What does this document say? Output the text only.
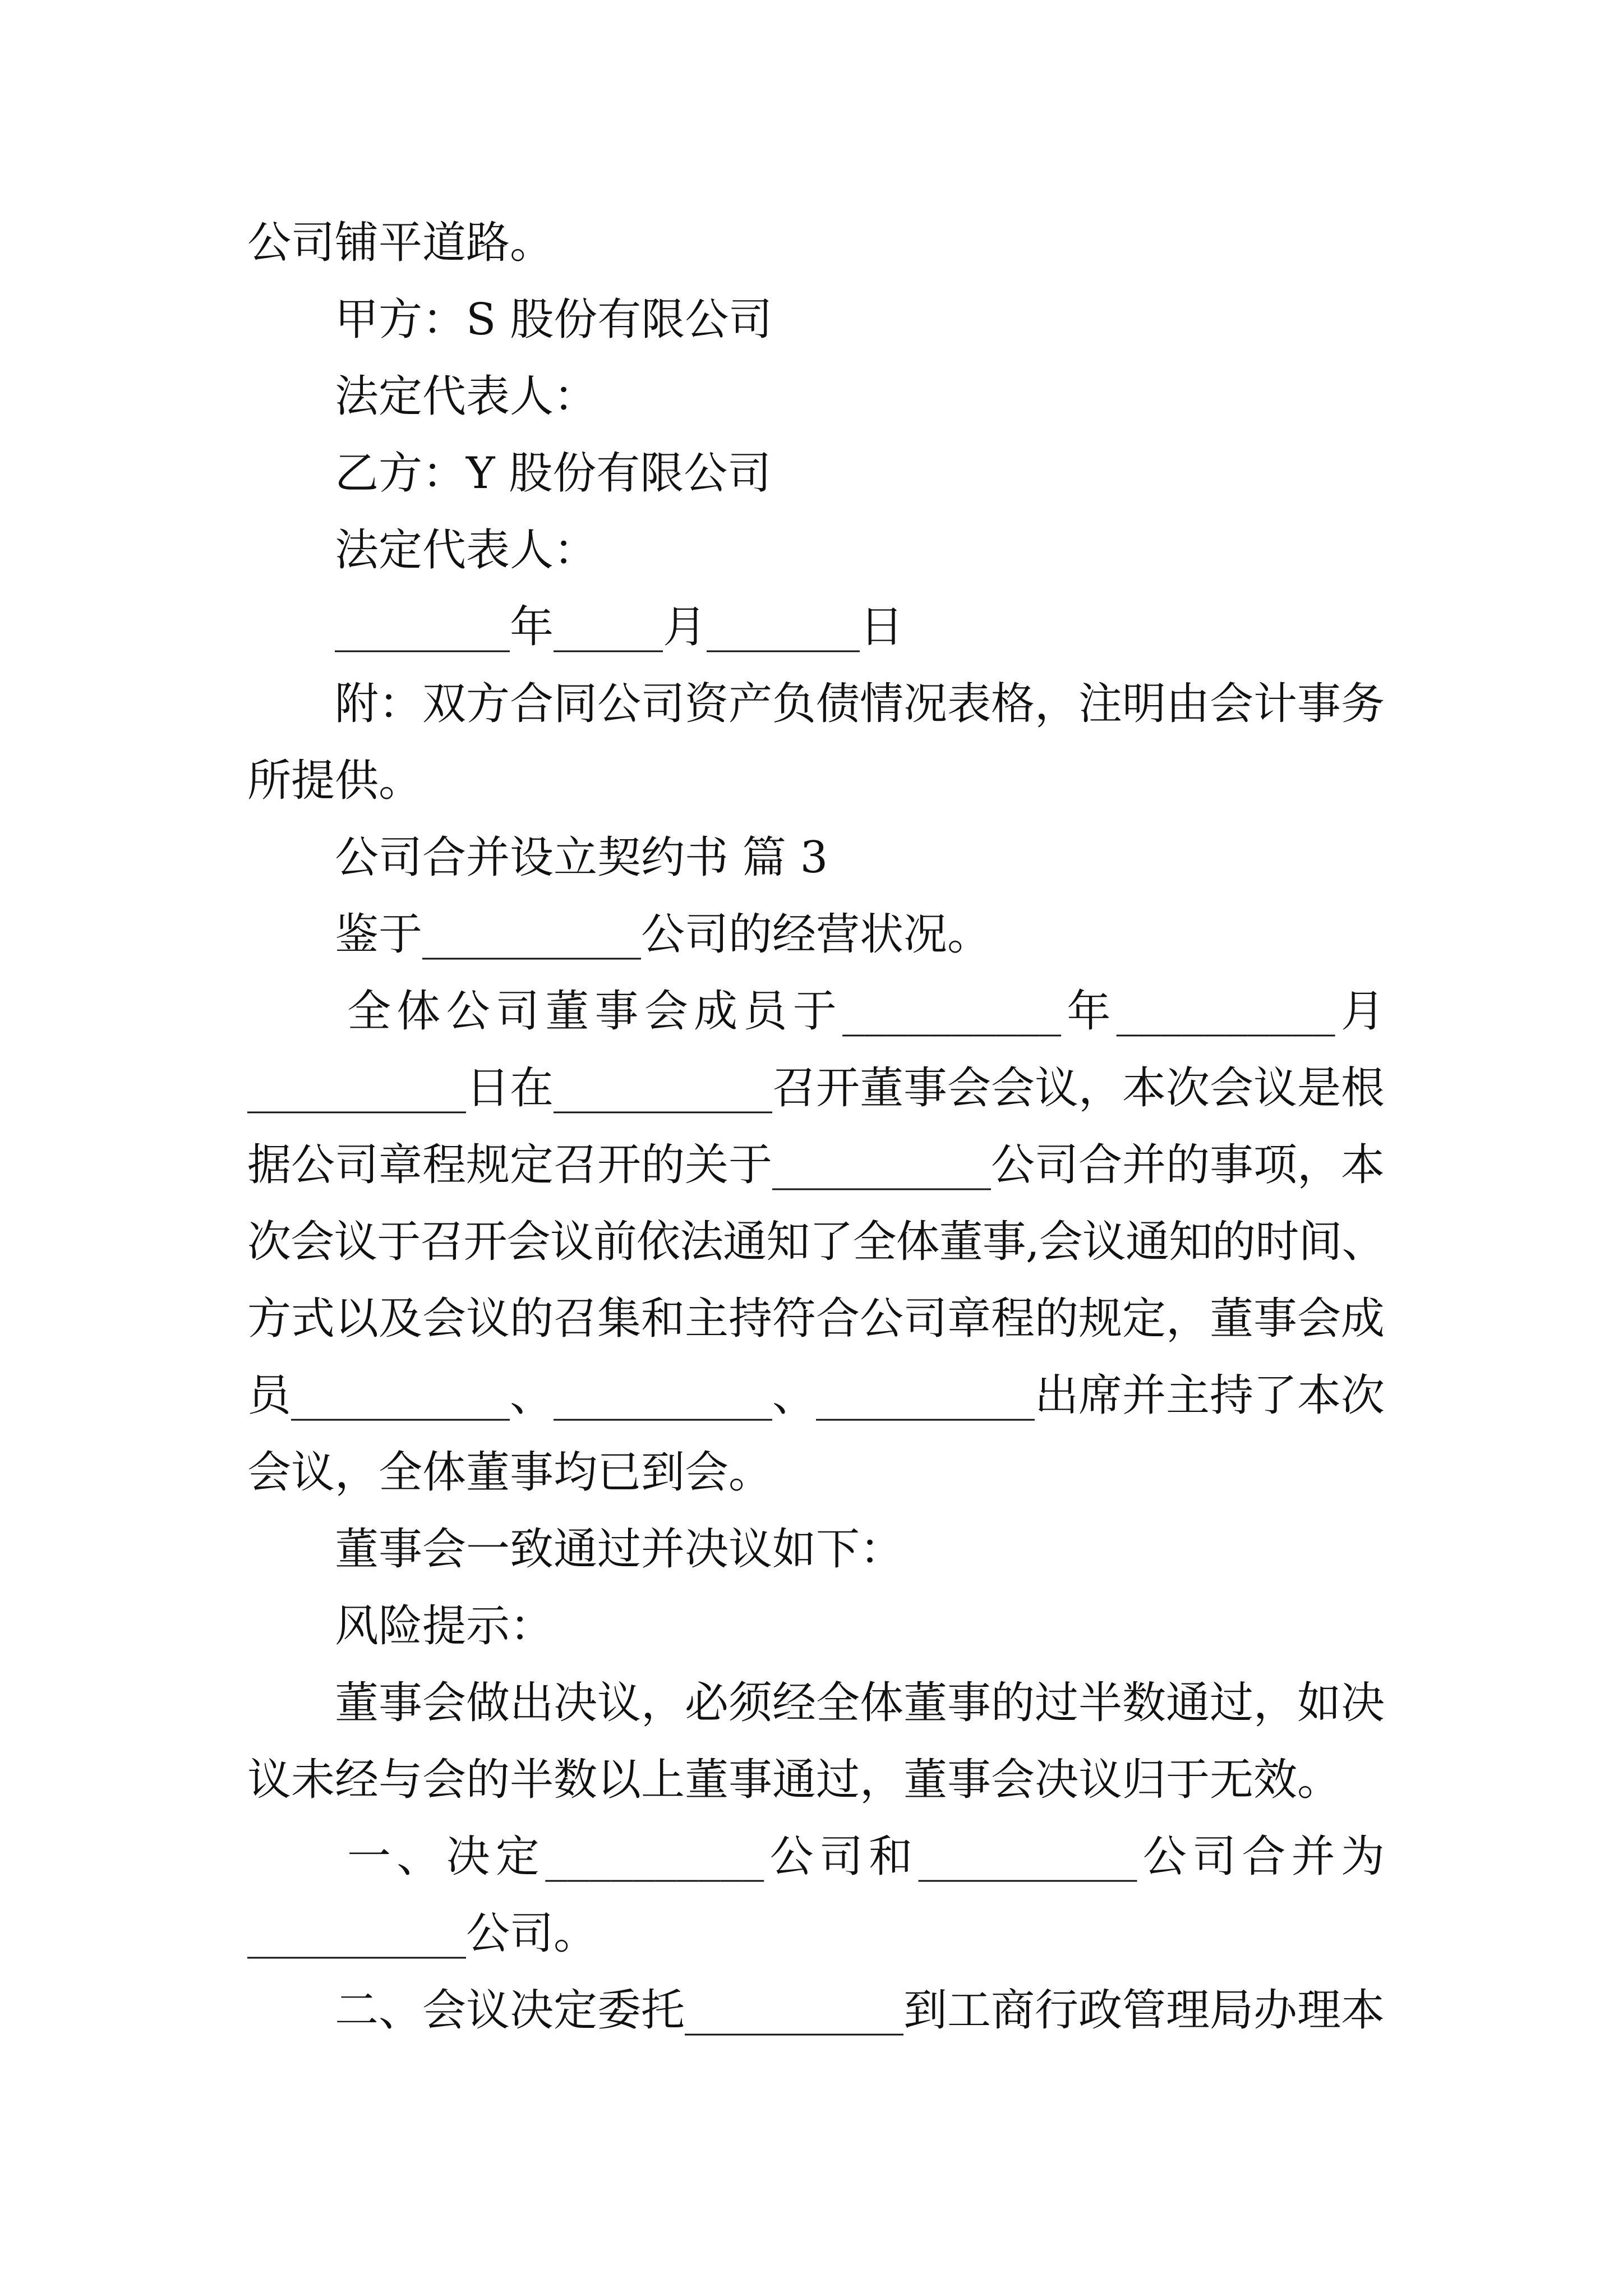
公司铺平道路。
甲方：S 股份有限公司
法定代表人：
乙方：Y 股份有限公司
法定代表人：
________年_____月_______日
附：双方合同公司资产负债情况表格，注明由会计事务
所提供。
公司合并设立契约书 篇 3
鉴于__________公司的经营状况。
全体公司董事会成员于__________年__________月
__________日在__________召开董事会会议，本次会议是根
据公司章程规定召开的关于__________公司合并的事项，本
次会议于召开会议前依法通知了全体董事,会议通知的时间、
方式以及会议的召集和主持符合公司章程的规定，董事会成
员__________、__________、__________出席并主持了本次
会议，全体董事均已到会。
董事会一致通过并决议如下：
风险提示：
董事会做出决议，必须经全体董事的过半数通过，如决
议未经与会的半数以上董事通过，董事会决议归于无效。
一、决定__________公司和__________公司合并为
__________公司。
二、会议决定委托__________到工商行政管理局办理本
